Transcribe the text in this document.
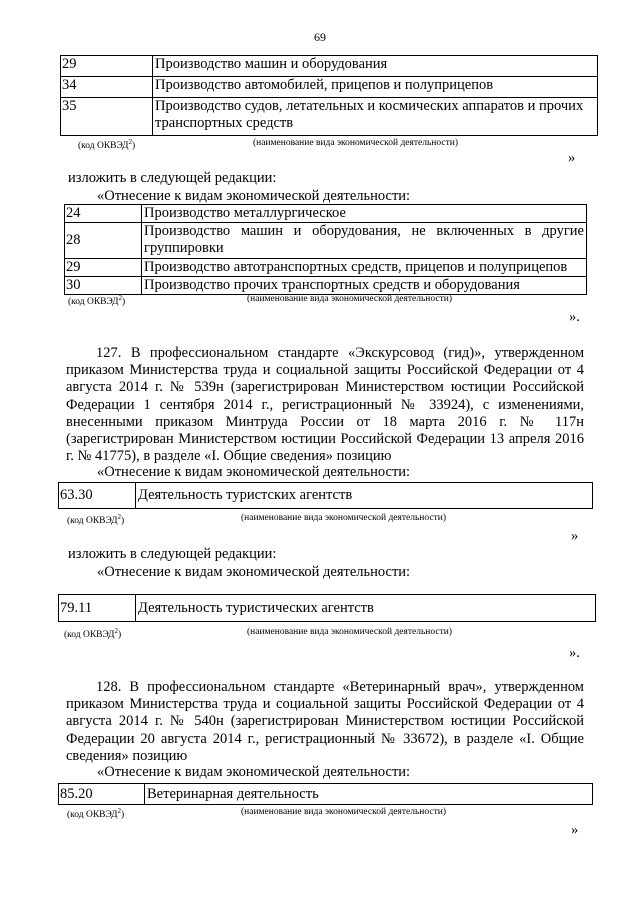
69
29	Производство машин и оборудования
34	Производство автомобилей, прицепов и полуприцепов
35	Производство судов, летательных и космических аппаратов и прочих транспортных средств
(код ОКВЭД$^2$)	(наименование вида экономической деятельности)
»
изложить в следующей редакции:
«Отнесение к видам экономической деятельности:
24	Производство металлургическое
28	Производство машин и оборудования, не включенных в другие группировки
29	Производство автотранспортных средств, прицепов и полуприцепов
30	Производство прочих транспортных средств и оборудования
(код ОКВЭД$^2$)	(наименование вида экономической деятельности)
».
127. В профессиональном стандарте «Экскурсовод (гид)», утвержденном приказом Министерства труда и социальной защиты Российской Федерации от 4 августа 2014 г. № 539н (зарегистрирован Министерством юстиции Российской Федерации 1 сентября 2014 г., регистрационный № 33924), с изменениями, внесенными приказом Минтруда России от 18 марта 2016 г. № 117н (зарегистрирован Министерством юстиции Российской Федерации 13 апреля 2016 г. № 41775), в разделе «I. Общие сведения» позицию
«Отнесение к видам экономической деятельности:
63.30	Деятельность туристских агентств
(код ОКВЭД$^2$)	(наименование вида экономической деятельности)
»
изложить в следующей редакции:
«Отнесение к видам экономической деятельности:
79.11	Деятельность туристических агентств
(код ОКВЭД$^2$)	(наименование вида экономической деятельности)
».
128. В профессиональном стандарте «Ветеринарный врач», утвержденном приказом Министерства труда и социальной защиты Российской Федерации от 4 августа 2014 г. № 540н (зарегистрирован Министерством юстиции Российской Федерации 20 августа 2014 г., регистрационный № 33672), в разделе «I. Общие сведения» позицию
«Отнесение к видам экономической деятельности:
85.20	Ветеринарная деятельность
(код ОКВЭД$^2$)	(наименование вида экономической деятельности)
»
